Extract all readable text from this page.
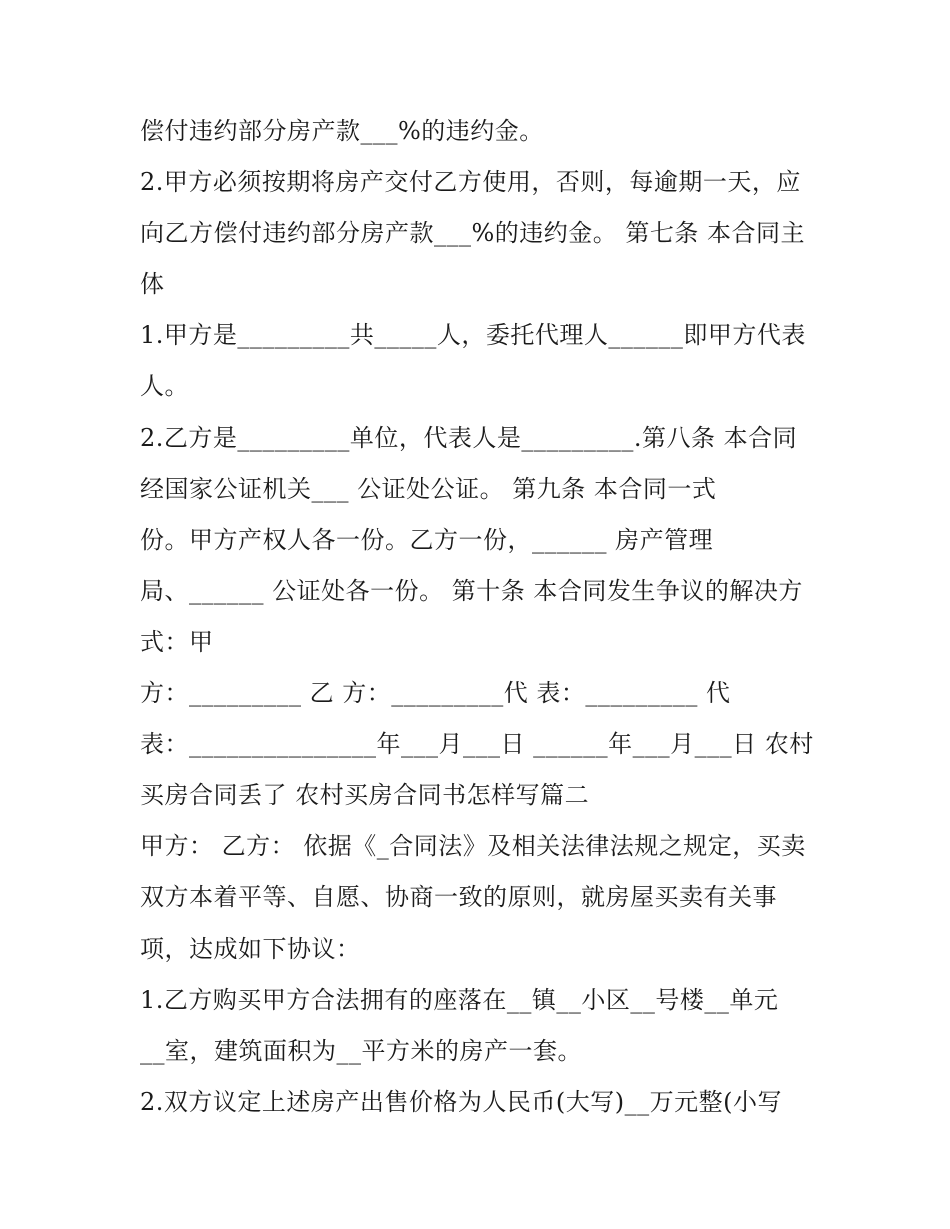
偿付违约部分房产款___%的违约金。
2.甲方必须按期将房产交付乙方使用，否则，每逾期一天，应
向乙方偿付违约部分房产款___%的违约金。 第七条 本合同主
体
1.甲方是_________共_____人，委托代理人______即甲方代表
人。
2.乙方是_________单位，代表人是_________.第八条 本合同
经国家公证机关___ 公证处公证。 第九条 本合同一式
份。甲方产权人各一份。乙方一份，______ 房产管理
局、______ 公证处各一份。 第十条 本合同发生争议的解决方
式：甲
方：_________ 乙 方：_________代 表：_________ 代
表：_______________年___月___日 ______年___月___日 农村
买房合同丢了 农村买房合同书怎样写篇二
甲方： 乙方： 依据《_合同法》及相关法律法规之规定，买卖
双方本着平等、自愿、协商一致的原则，就房屋买卖有关事
项，达成如下协议：
1.乙方购买甲方合法拥有的座落在__镇__小区__号楼__单元
__室，建筑面积为__平方米的房产一套。
2.双方议定上述房产出售价格为人民币(大写)__万元整(小写
